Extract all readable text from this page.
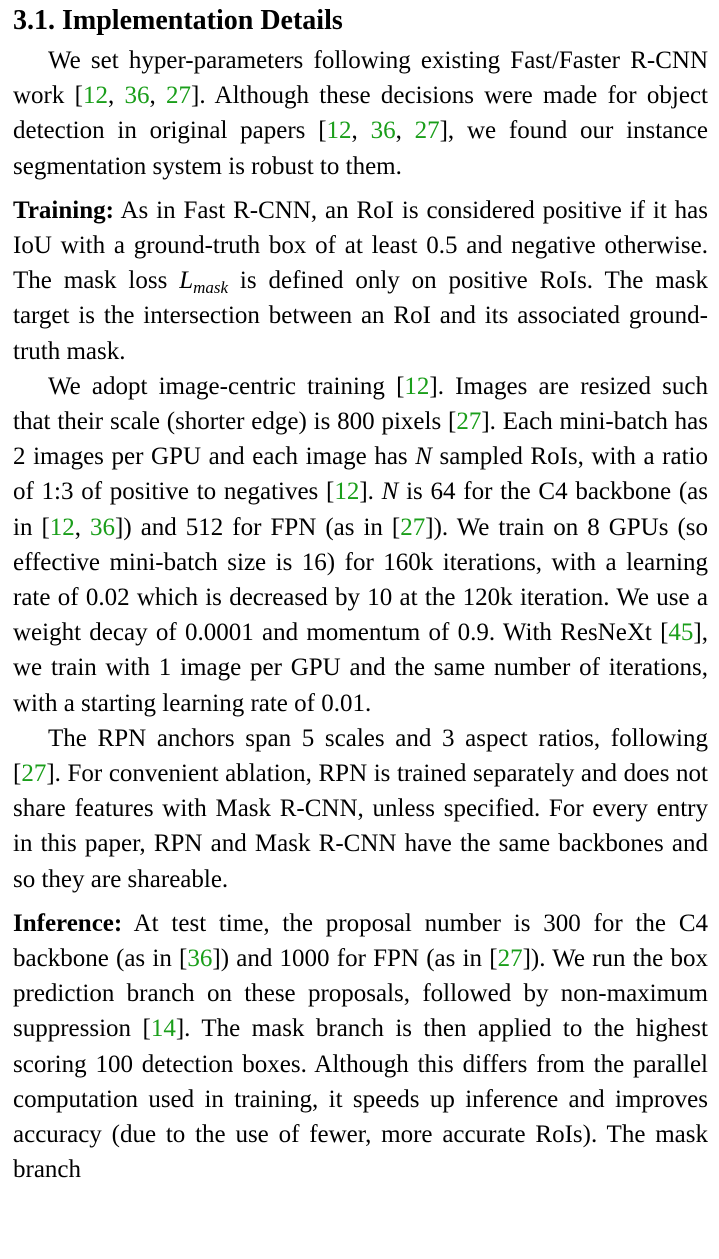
3.1. Implementation Details

We set hyper-parameters following existing Fast/Faster R-CNN work [12, 36, 27]. Although these decisions were made for object detection in original papers [12, 36, 27], we found our instance segmentation system is robust to them.

Training: As in Fast R-CNN, an RoI is considered positive if it has IoU with a ground-truth box of at least 0.5 and negative otherwise. The mask loss $L_{mask}$ is defined only on positive RoIs. The mask target is the intersection between an RoI and its associated ground-truth mask.

We adopt image-centric training [12]. Images are resized such that their scale (shorter edge) is 800 pixels [27]. Each mini-batch has 2 images per GPU and each image has N sampled RoIs, with a ratio of 1:3 of positive to negatives [12]. N is 64 for the C4 backbone (as in [12, 36]) and 512 for FPN (as in [27]). We train on 8 GPUs (so effective mini-batch size is 16) for 160k iterations, with a learning rate of 0.02 which is decreased by 10 at the 120k iteration. We use a weight decay of 0.0001 and momentum of 0.9. With ResNeXt [45], we train with 1 image per GPU and the same number of iterations, with a starting learning rate of 0.01.

The RPN anchors span 5 scales and 3 aspect ratios, following [27]. For convenient ablation, RPN is trained separately and does not share features with Mask R-CNN, unless specified. For every entry in this paper, RPN and Mask R-CNN have the same backbones and so they are shareable.

Inference: At test time, the proposal number is 300 for the C4 backbone (as in [36]) and 1000 for FPN (as in [27]). We run the box prediction branch on these proposals, followed by non-maximum suppression [14]. The mask branch is then applied to the highest scoring 100 detection boxes. Although this differs from the parallel computation used in training, it speeds up inference and improves accuracy (due to the use of fewer, more accurate RoIs). The mask branch
